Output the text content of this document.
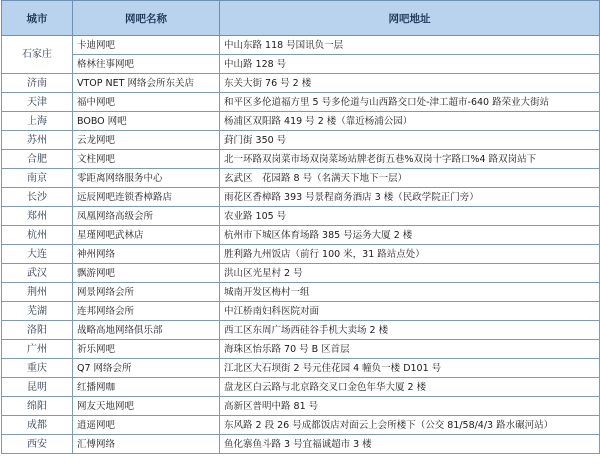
城市	网吧名称	网吧地址
石家庄	卡迪网吧	中山东路 118 号国讯负一层
	格林往事网吧	中山路 128 号
济南	VTOP NET 网络会所东关店	东关大街 76 号 2 楼
天津	福中网吧	和平区多伦道福方里 5 号多伦道与山西路交口处-津工超市-640 路荣业大街站
上海	BOBO 网吧	杨浦区双阳路 419 号 2 楼（靠近杨浦公园）
苏州	云龙网吧	葑门街 350 号
合肥	文柱网吧	北一环路双岗菜市场双岗菜场站牌老街五巷%双岗十字路口%4 路双岗站下
南京	零距离网络服务中心	玄武区　花园路 8 号（名满天下地下一层）
长沙	远辰网吧连锁香樟路店	雨花区香樟路 393 号景程商务酒店 3 楼（民政学院正门旁）
郑州	凤凰网络高级会所	农业路 105 号
杭州	星瑾网吧武林店	杭州市下城区体育场路 385 号运务大厦 2 楼
大连	神州网络	胜利路九州饭店（前行 100 米，31 路站点处）
武汉	飘游网吧	洪山区光星村 2 号
荆州	网景网络会所	城南开发区梅村一组
芜湖	连邦网络会所	中江桥南妇科医院对面
洛阳	战略高地网络俱乐部	西工区东周广场西硅谷手机大卖场 2 楼
广州	祈乐网吧	海珠区怡乐路 70 号 B 区首层
重庆	Q7 网络会所	江北区大石坝街 2 号元佳花园 4 幢负一楼 D101 号
昆明	红播网咖	盘龙区白云路与北京路交叉口金色年华大厦 2 楼
绵阳	网友天地网吧	高新区普明中路 81 号
成都	逍遥网吧	东风路 2 段 26 号成都饭店对面云上会所楼下（公交 81/58/4/3 路水碾河站）
西安	汇傅网络	鱼化寨鱼斗路 3 号宜福诚超市 3 楼
